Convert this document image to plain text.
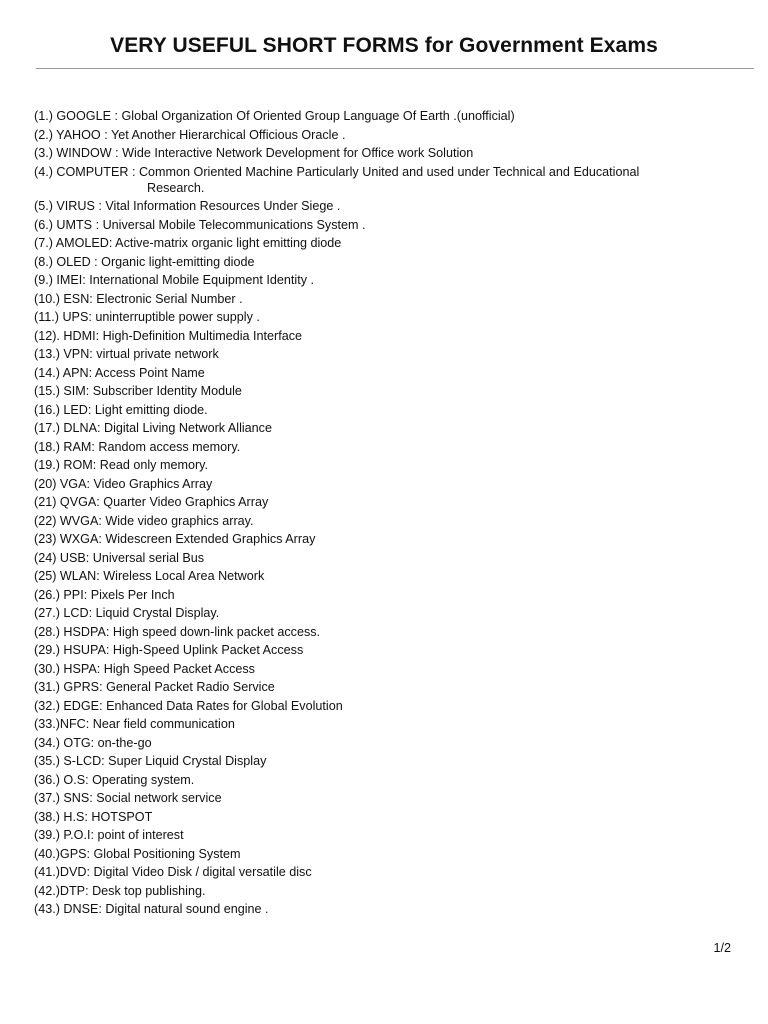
VERY USEFUL SHORT FORMS for Government Exams
(1.) GOOGLE : Global Organization Of Oriented Group Language Of Earth .(unofficial)
(2.) YAHOO : Yet Another Hierarchical Officious Oracle .
(3.) WINDOW : Wide Interactive Network Development for Office work Solution
(4.) COMPUTER : Common Oriented Machine Particularly United and used under Technical and Educational
Research.
(5.) VIRUS : Vital Information Resources Under Siege .
(6.) UMTS : Universal Mobile Telecommunications System .
(7.) AMOLED: Active-matrix organic light emitting diode
(8.) OLED : Organic light-emitting diode
(9.) IMEI: International Mobile Equipment Identity .
(10.) ESN: Electronic Serial Number .
(11.) UPS: uninterruptible power supply .
(12). HDMI: High-Definition Multimedia Interface
(13.) VPN: virtual private network
(14.) APN: Access Point Name
(15.) SIM: Subscriber Identity Module
(16.) LED: Light emitting diode.
(17.) DLNA: Digital Living Network Alliance
(18.) RAM: Random access memory.
(19.) ROM: Read only memory.
(20) VGA: Video Graphics Array
(21) QVGA: Quarter Video Graphics Array
(22) WVGA: Wide video graphics array.
(23) WXGA: Widescreen Extended Graphics Array
(24) USB: Universal serial Bus
(25) WLAN: Wireless Local Area Network
(26.) PPI: Pixels Per Inch
(27.) LCD: Liquid Crystal Display.
(28.) HSDPA: High speed down-link packet access.
(29.) HSUPA: High-Speed Uplink Packet Access
(30.) HSPA: High Speed Packet Access
(31.) GPRS: General Packet Radio Service
(32.) EDGE: Enhanced Data Rates for Global Evolution
(33.)NFC: Near field communication
(34.) OTG: on-the-go
(35.) S-LCD: Super Liquid Crystal Display
(36.) O.S: Operating system.
(37.) SNS: Social network service
(38.) H.S: HOTSPOT
(39.) P.O.I: point of interest
(40.)GPS: Global Positioning System
(41.)DVD: Digital Video Disk / digital versatile disc
(42.)DTP: Desk top publishing.
(43.) DNSE: Digital natural sound engine .
1/2
